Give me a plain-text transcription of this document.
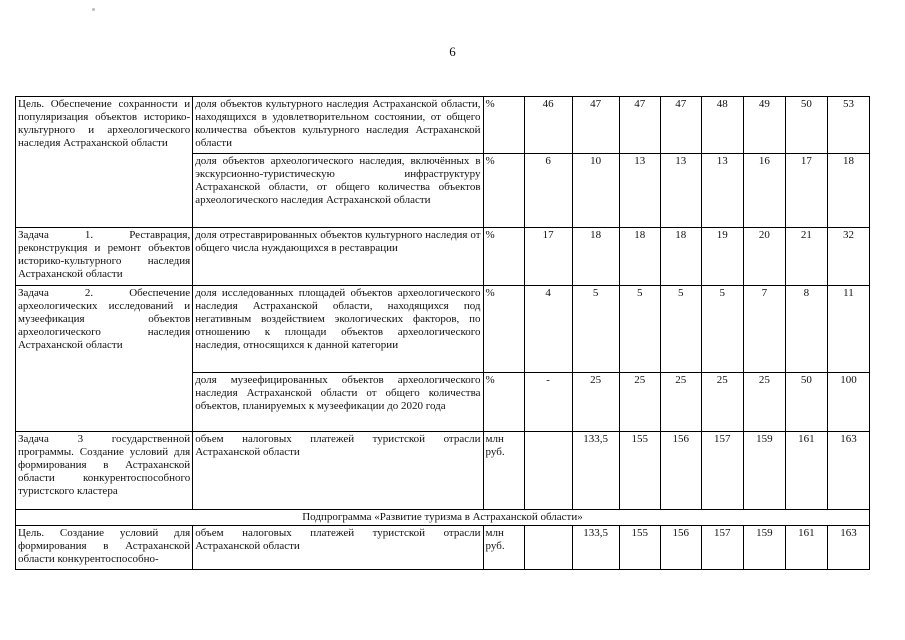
6
Цель. Обеспечение сохранности и популяризация объектов историко-культурного и археологического наследия Астраханской области	доля объектов культурного наследия Астраханской области, находящихся в удовлетворительном состоянии, от общего количества объектов культурного наследия Астраханской области	%	46	47	47	47	48	49	50	53
	доля объектов археологического наследия, включённых в экскурсионно-туристическую инфраструктуру Астраханской области, от общего количества объектов археологического наследия Астраханской области	%	6	10	13	13	13	16	17	18
Задача 1. Реставрация, реконструкция и ремонт объектов историко-культурного наследия Астраханской области	доля отреставрированных объектов культурного наследия от общего числа нуждающихся в реставрации	%	17	18	18	18	19	20	21	32
Задача 2. Обеспечение археологических исследований и музеефикация объектов археологического наследия Астраханской области	доля исследованных площадей объектов археологического наследия Астраханской области, находящихся под негативным воздействием экологических факторов, по отношению к площади объектов археологического наследия, относящихся к данной категории	%	4	5	5	5	5	7	8	11
	доля музеефицированных объектов археологического наследия Астраханской области от общего количества объектов, планируемых к музеефикации до 2020 года	%	-	25	25	25	25	25	50	100
Задача 3 государственной программы. Создание условий для формирования в Астраханской области конкурентоспособного туристского кластера	объем налоговых платежей туристской отрасли Астраханской области	млн руб.		133,5	155	156	157	159	161	163
Подпрограмма «Развитие туризма в Астраханской области»										
Цель. Создание условий для формирования в Астраханской области конкурентоспособно-	объем налоговых платежей туристской отрасли Астраханской области	млн руб.		133,5	155	156	157	159	161	163
